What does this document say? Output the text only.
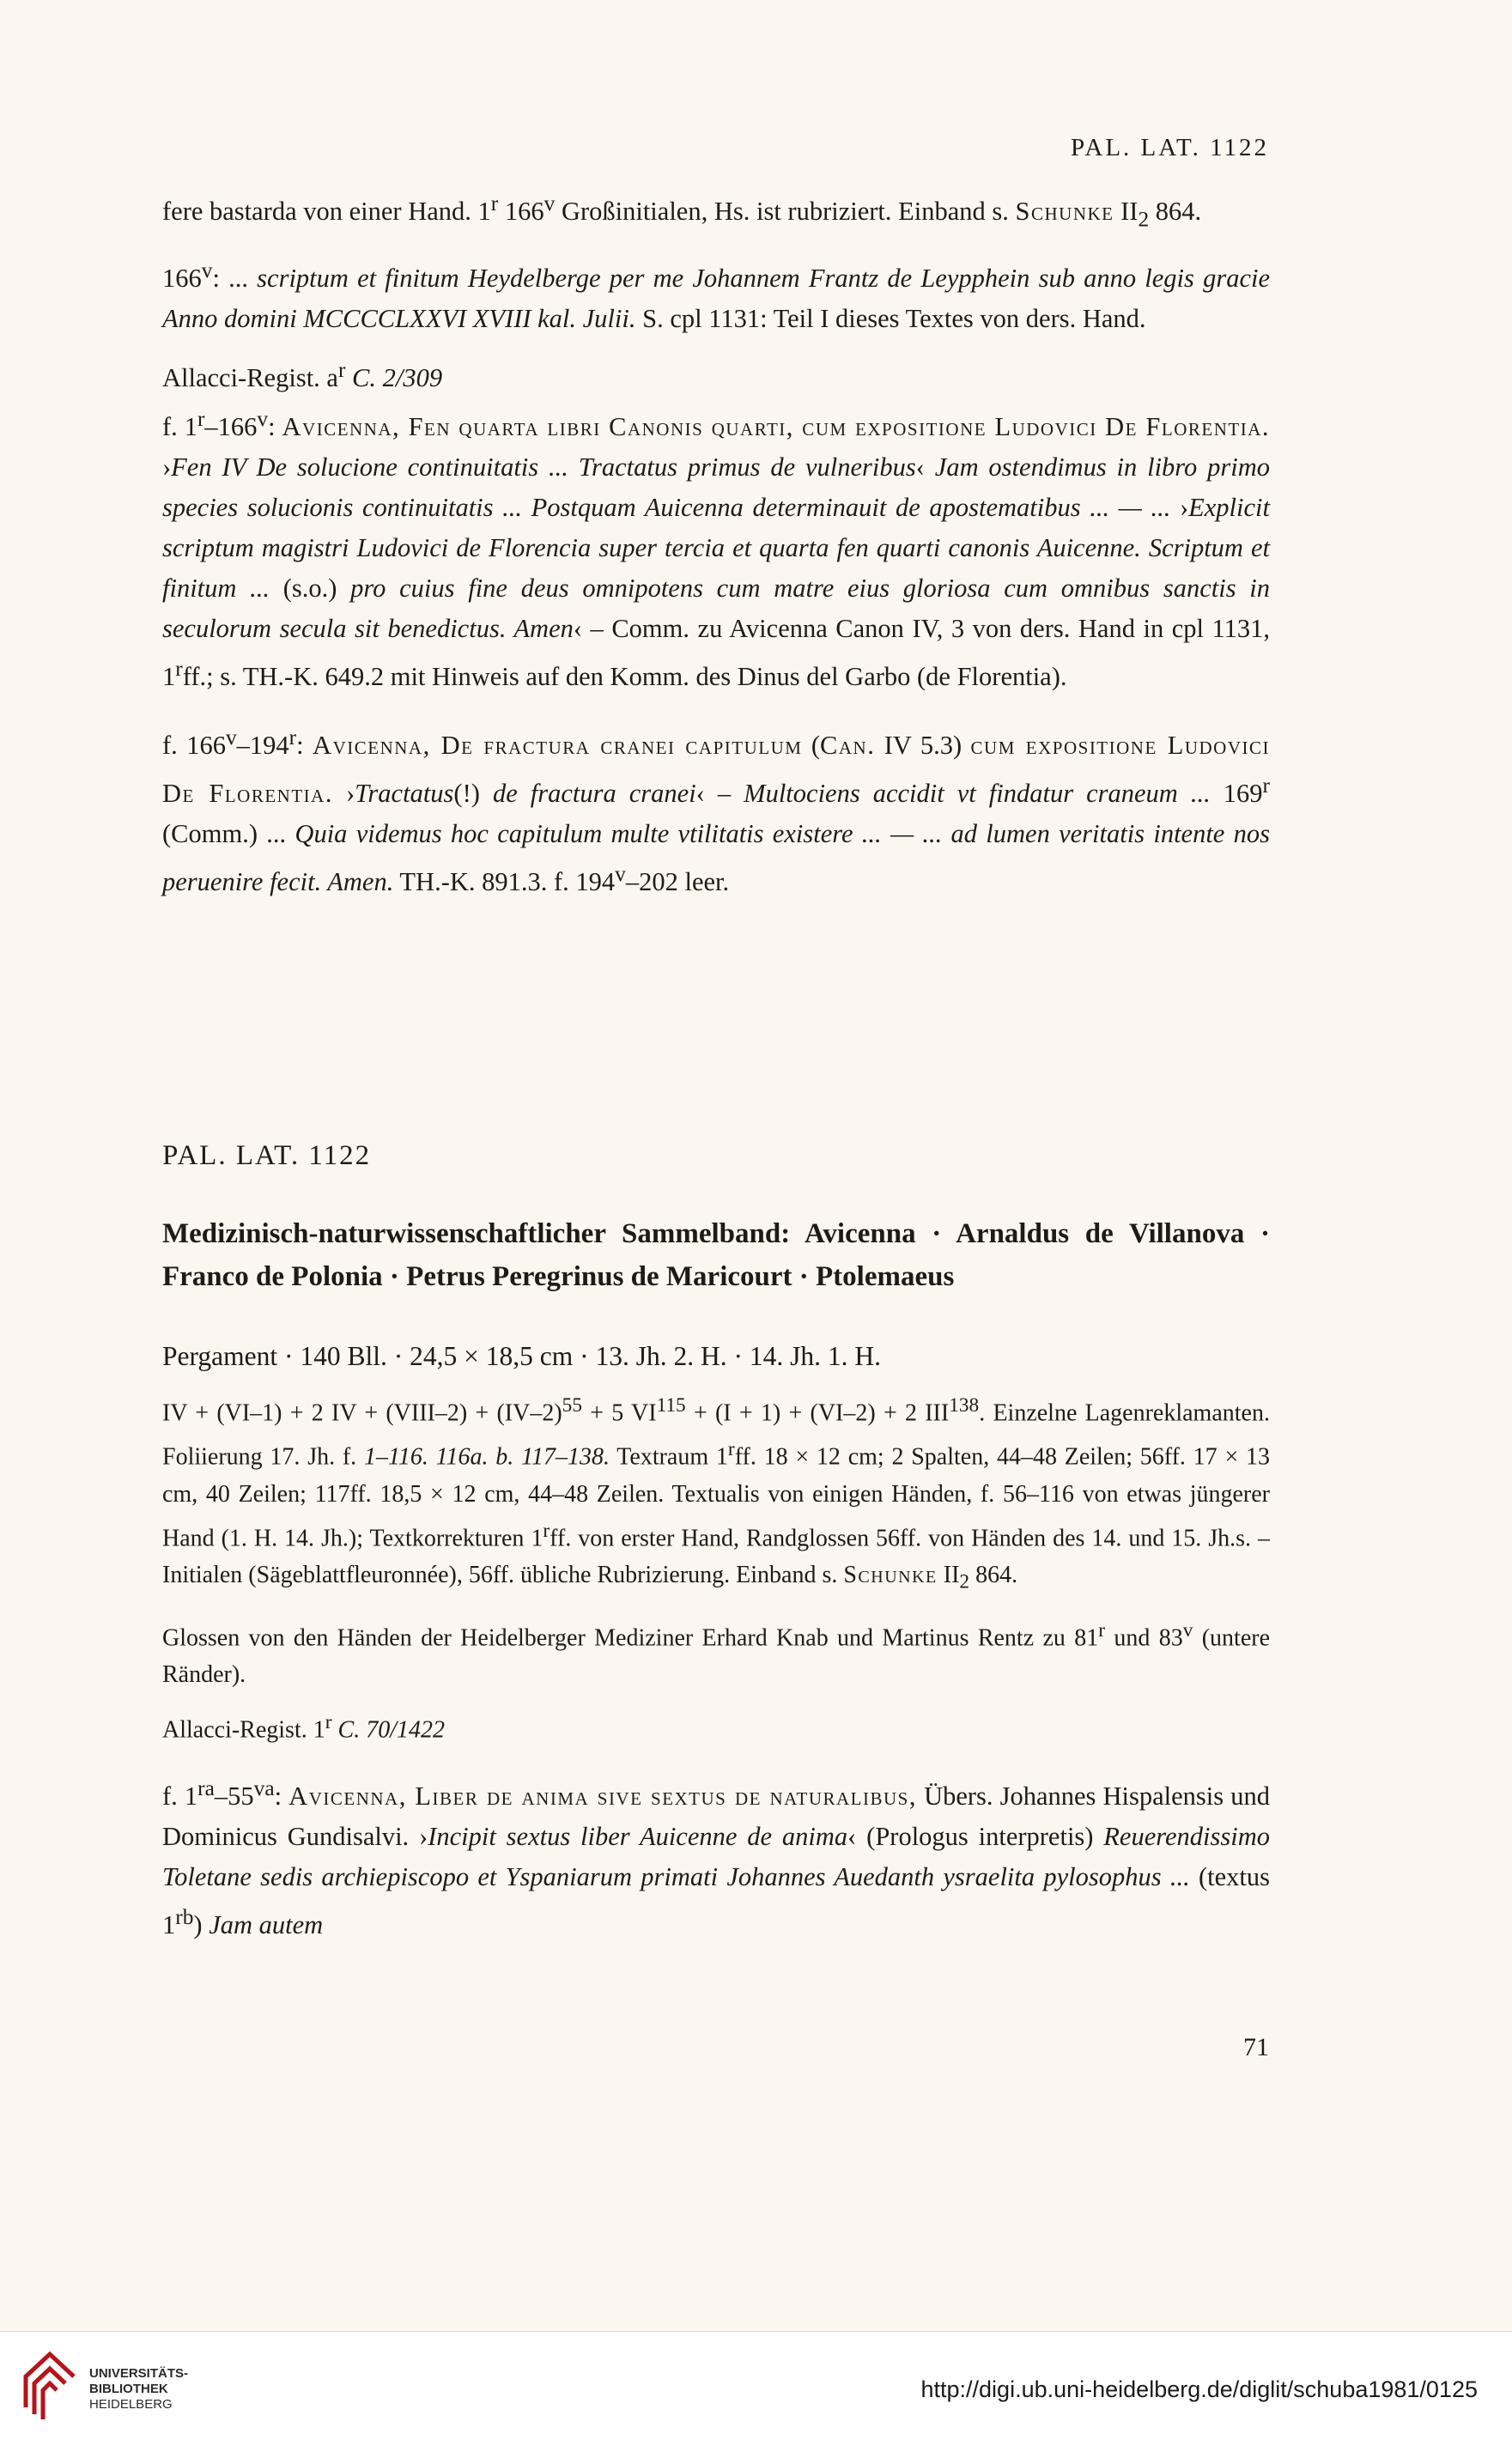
PAL. LAT. 1122

fere bastarda von einer Hand. 1$^r$ 166$^v$ Großinitialen, Hs. ist rubriziert. Einband s. Schunke $II_2$ 864.

166$^v$: ... scriptum et finitum Heydelberge per me Johannem Frantz de Leypphein sub anno legis gracie Anno domini MCCCCLXXVI XVIII kal. Julii. S. cpl 1131: Teil I dieses Textes von ders. Hand.

Allacci-Regist. $a^r$ C. 2/309

f. 1$^r$–166$^v$: Avicenna, Fen quarta libri Canonis quarti, cum expositione Ludovici De Florentia. ›Fen IV De solucione continuitatis ... Tractatus primus de vulneribus‹ Jam ostendimus in libro primo species solucionis continuitatis ... Postquam Auicenna determinauit de apostematibus ... — ... ›Explicit scriptum magistri Ludovici de Florencia super tercia et quarta fen quarti canonis Auicenne. Scriptum et finitum ... (s.o.) pro cuius fine deus omnipotens cum matre eius gloriosa cum omnibus sanctis in seculorum secula sit benedictus. Amen‹ – Comm. zu Avicenna Canon IV, 3 von ders. Hand in cpl 1131, 1$^r$ff.; s. TH.-K. 649.2 mit Hinweis auf den Komm. des Dinus del Garbo (de Florentia).

f. 166$^v$–194$^r$: Avicenna, De fractura cranei capitulum (Can. IV 5.3) cum expositione Ludovici De Florentia. ›Tractatus(!) de fractura cranei‹ – Multociens accidit vt findatur craneum ... 169$^r$ (Comm.) ... Quia videmus hoc capitulum multe vtilitatis existere ... — ... ad lumen veritatis intente nos peruenire fecit. Amen. TH.-K. 891.3. f. 194$^v$–202 leer.

PAL. LAT. 1122
Medizinisch-naturwissenschaftlicher Sammelband: Avicenna · Arnaldus de Villanova · Franco de Polonia · Petrus Peregrinus de Maricourt · Ptolemaeus

Pergament · 140 Bll. · 24,5 × 18,5 cm · 13. Jh. 2. H. · 14. Jh. 1. H.

IV + (VI–1) + 2 IV + (VIII–2) + $(IV-2)^{55} + 5$ $VI^{115} + (I + 1) + (VI-2) + 2$ III$^{138}$. Einzelne Lagenreklamanten. Foliierung 17. Jh. f. 1–116. 116a. b. 117–138. Textraum 1$^r$ff. 18 × 12 cm; 2 Spalten, 44–48 Zeilen; 56ff. 17 × 13 cm, 40 Zeilen; 117ff. 18,5 × 12 cm, 44–48 Zeilen. Textualis von einigen Händen, f. 56–116 von etwas jüngerer Hand (1. H. 14. Jh.); Textkorrekturen 1$^r$ff. von erster Hand, Randglossen 56ff. von Händen des 14. und 15. Jh.s. – Initialen (Sägeblattfleuronnée), 56ff. übliche Rubrizierung. Einband s. Schunke $II_2$ 864.

Glossen von den Händen der Heidelberger Mediziner Erhard Knab und Martinus Rentz zu 81$^r$ und 83$^v$ (untere Ränder).

Allacci-Regist. 1$^r$ C. 70/1422

f. $1^{ra}-55^{va}$: Avicenna, Liber de anima sive sextus de naturalibus, Übers. Johannes Hispalensis und Dominicus Gundisalvi. ›Incipit sextus liber Auicenne de anima‹ (Prologus interpretis) Reuerendissimo Toletane sedis archiepiscopo et Yspaniarum primati Johannes Auedanth ysraelita pylosophus ... (textus $1^{rb}$) Jam autem

71
UNIVERSITÄTS-
BIBLIOTHEK
HEIDELBERG
http://digi.ub.uni-heidelberg.de/diglit/schuba1981/0125
